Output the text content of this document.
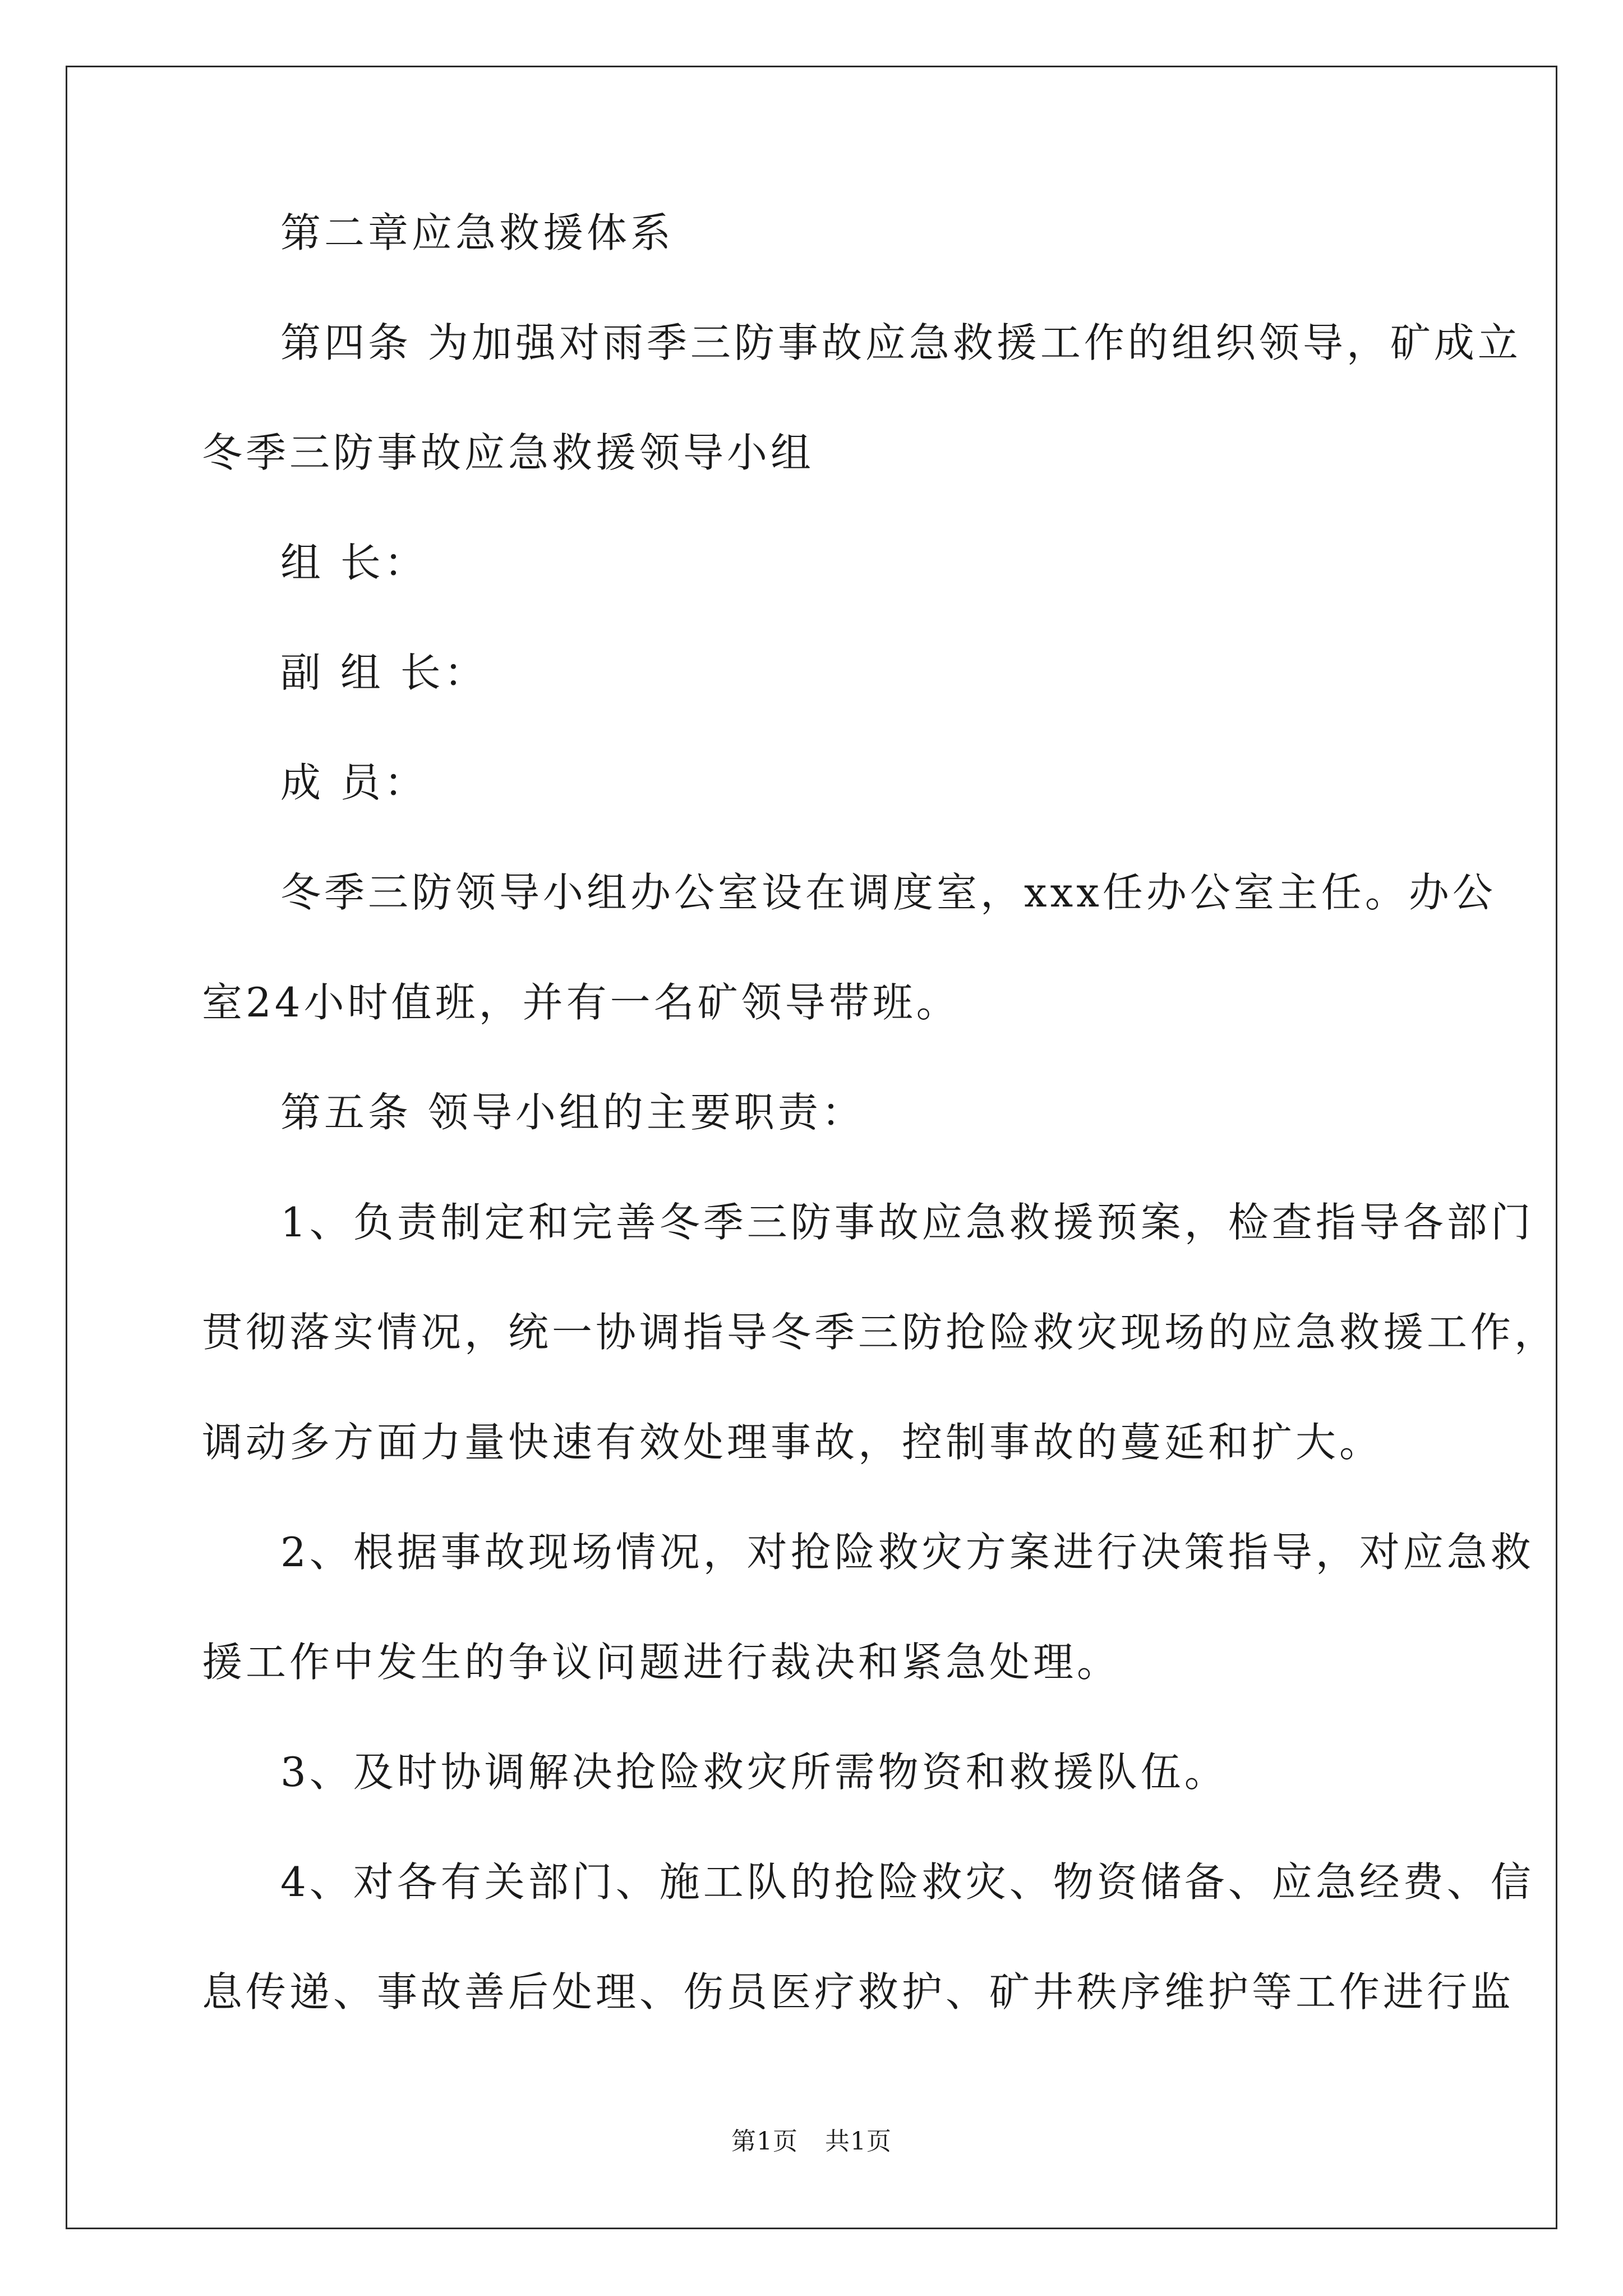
第二章应急救援体系
第四条 为加强对雨季三防事故应急救援工作的组织领导，矿成立
冬季三防事故应急救援领导小组
组 长：
副 组 长：
成 员：
冬季三防领导小组办公室设在调度室，xxx任办公室主任。办公
室24小时值班，并有一名矿领导带班。
第五条 领导小组的主要职责：
1、负责制定和完善冬季三防事故应急救援预案，检查指导各部门
贯彻落实情况，统一协调指导冬季三防抢险救灾现场的应急救援工作，
调动多方面力量快速有效处理事故，控制事故的蔓延和扩大。
2、根据事故现场情况，对抢险救灾方案进行决策指导，对应急救
援工作中发生的争议问题进行裁决和紧急处理。
3、及时协调解决抢险救灾所需物资和救援队伍。
4、对各有关部门、施工队的抢险救灾、物资储备、应急经费、信
息传递、事故善后处理、伤员医疗救护、矿井秩序维护等工作进行监
第1页 共1页
